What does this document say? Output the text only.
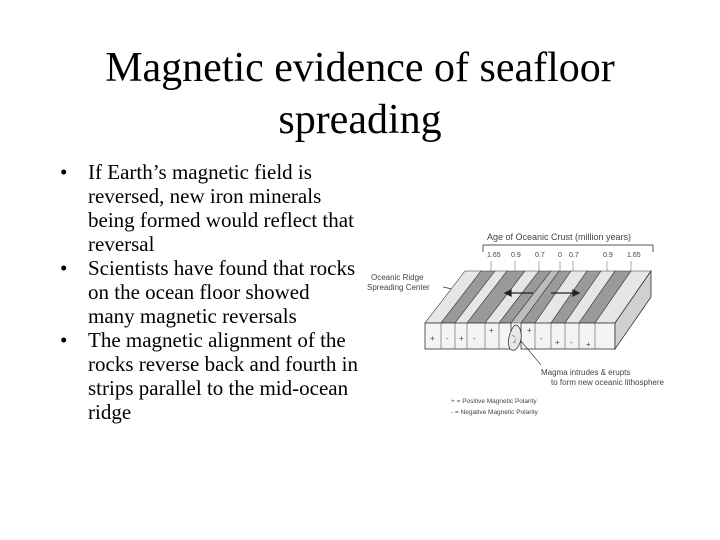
Magnetic evidence of seafloor
spreading
• If Earth’s magnetic field is reversed, new iron minerals being formed would reflect that reversal
• Scientists have found that rocks on the ocean floor showed many magnetic reversals
• The magnetic alignment of the rocks reverse back and fourth in strips parallel to the mid-ocean ridge
Age of Oceanic Crust (million years)
1.65 0.9 0.7 0 0.7	0.9 1.65
Oceanic Ridge
Spreading Center
+ - + -
+	+
- + - +
Magma intrudes & erupts
to form new oceanic lithosphere
+ = Positive Magnetic Polarity
- = Negative Magnetic Polarity
